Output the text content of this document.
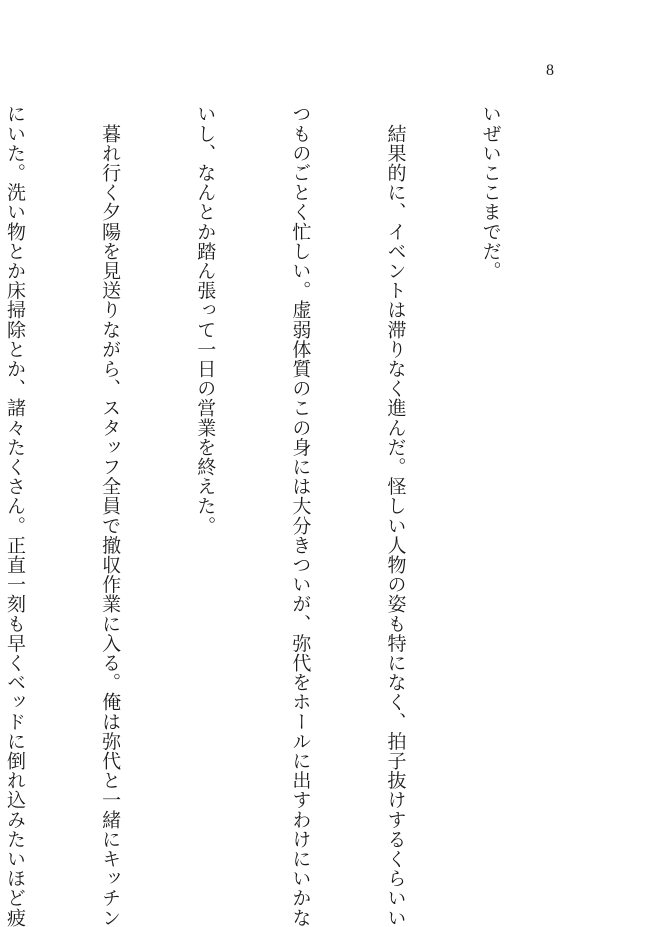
8

いぜいここまでだ。

　結果的に、イベントは滞りなく進んだ。怪しい人物の姿も特になく、拍子抜けするくらいい

つものごとく忙しい。虚弱体質のこの身には大分きついが、弥代をホールに出すわけにいかな

いし、なんとか踏ん張って一日の営業を終えた。

　暮れ行く夕陽を見送りながら、スタッフ全員で撤収作業に入る。俺は弥代と一緒にキッチン

にいた。洗い物とか床掃除とか、諸々たくさん。正直一刻も早くベッドに倒れ込みたいほど疲
